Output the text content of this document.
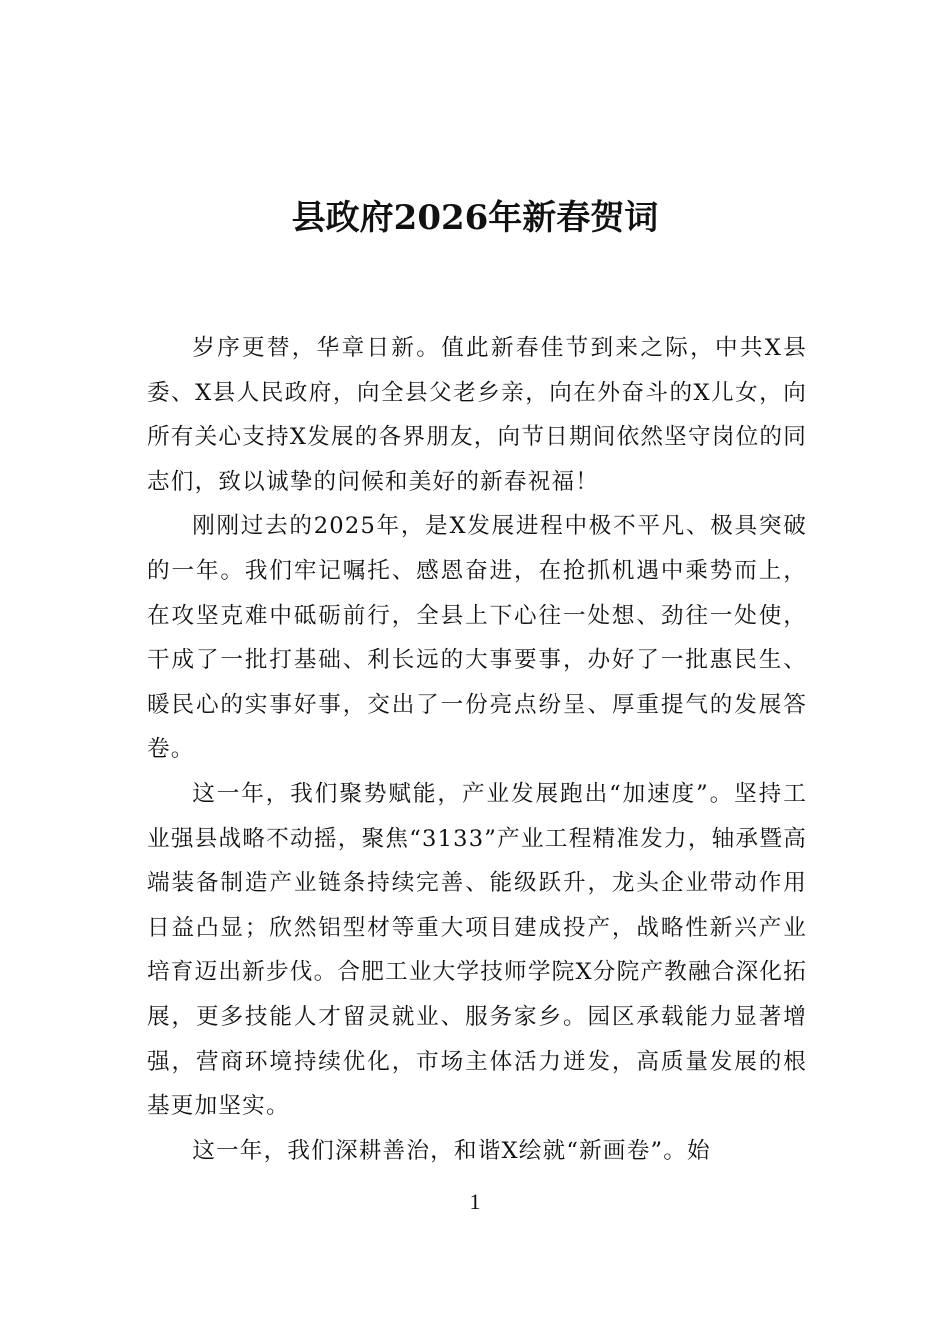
县政府2026年新春贺词

岁序更替，华章日新。值此新春佳节到来之际，中共X县委、X县人民政府，向全县父老乡亲，向在外奋斗的X儿女，向所有关心支持X发展的各界朋友，向节日期间依然坚守岗位的同志们，致以诚挚的问候和美好的新春祝福！

刚刚过去的2025年，是X发展进程中极不平凡、极具突破的一年。我们牢记嘱托、感恩奋进，在抢抓机遇中乘势而上，在攻坚克难中砥砺前行，全县上下心往一处想、劲往一处使，干成了一批打基础、利长远的大事要事，办好了一批惠民生、暖民心的实事好事，交出了一份亮点纷呈、厚重提气的发展答卷。

这一年，我们聚势赋能，产业发展跑出“加速度”。坚持工业强县战略不动摇，聚焦“3133”产业工程精准发力，轴承暨高端装备制造产业链条持续完善、能级跃升，龙头企业带动作用日益凸显；欣然铝型材等重大项目建成投产，战略性新兴产业培育迈出新步伐。合肥工业大学技师学院X分院产教融合深化拓展，更多技能人才留灵就业、服务家乡。园区承载能力显著增强，营商环境持续优化，市场主体活力迸发，高质量发展的根基更加坚实。

这一年，我们深耕善治，和谐X绘就“新画卷”。始

1
